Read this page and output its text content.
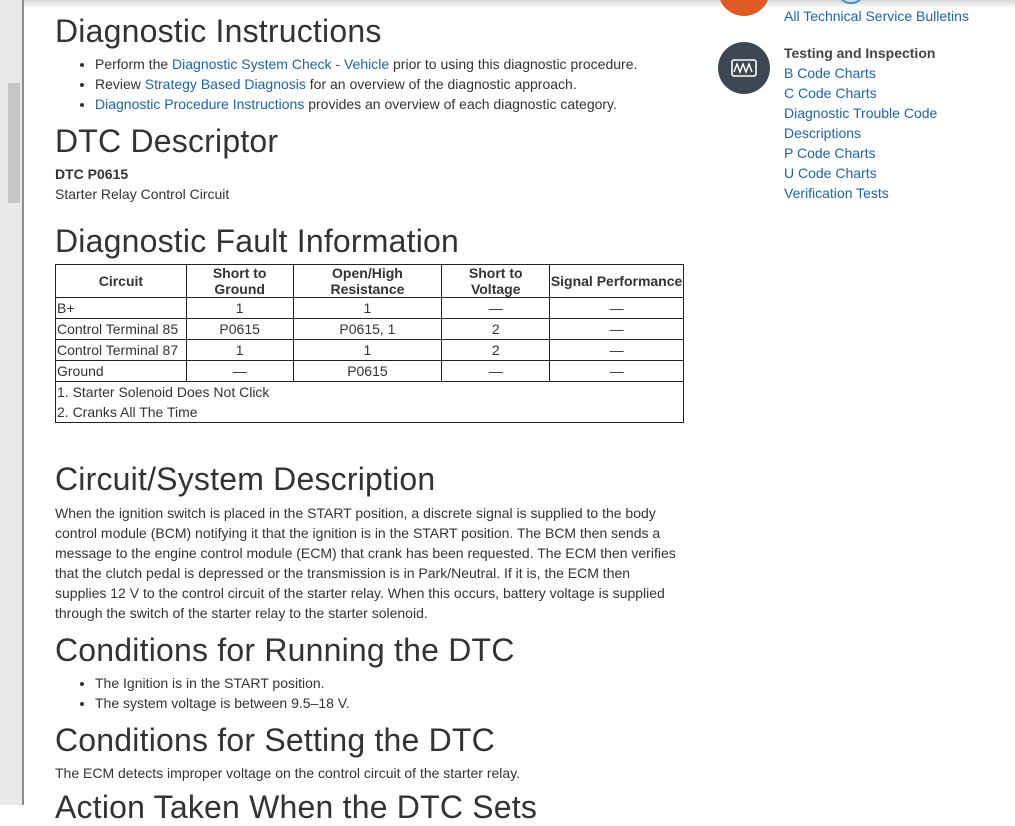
Diagnostic Instructions
• Perform the Diagnostic System Check - Vehicle prior to using this diagnostic procedure.
• Review Strategy Based Diagnosis for an overview of the diagnostic approach.
• Diagnostic Procedure Instructions provides an overview of each diagnostic category.
DTC Descriptor
DTC P0615
Starter Relay Control Circuit
Diagnostic Fault Information
Circuit	Short to Ground	Open/High Resistance	Short to Voltage	Signal Performance
B+	1	1	—	—
Control Terminal 85	P0615	P0615, 1	2	—
Control Terminal 87	1	1	2	—
Ground	—	P0615	—	—

1. Starter Solenoid Does Not Click
2. Cranks All The Time				
Circuit/System Description
When the ignition switch is placed in the START position, a discrete signal is supplied to the body
control module (BCM) notifying it that the ignition is in the START position. The BCM then sends a
message to the engine control module (ECM) that crank has been requested. The ECM then verifies
that the clutch pedal is depressed or the transmission is in Park/Neutral. If it is, the ECM then
supplies 12 V to the control circuit of the starter relay. When this occurs, battery voltage is supplied
through the switch of the starter relay to the starter solenoid.
Conditions for Running the DTC
• The Ignition is in the START position.
• The system voltage is between 9.5–18 V.
Conditions for Setting the DTC
The ECM detects improper voltage on the control circuit of the starter relay.
Action Taken When the DTC Sets
All Technical Service Bulletins
Testing and Inspection
B Code Charts
C Code Charts
Diagnostic Trouble Code
Descriptions
P Code Charts
U Code Charts
Verification Tests
